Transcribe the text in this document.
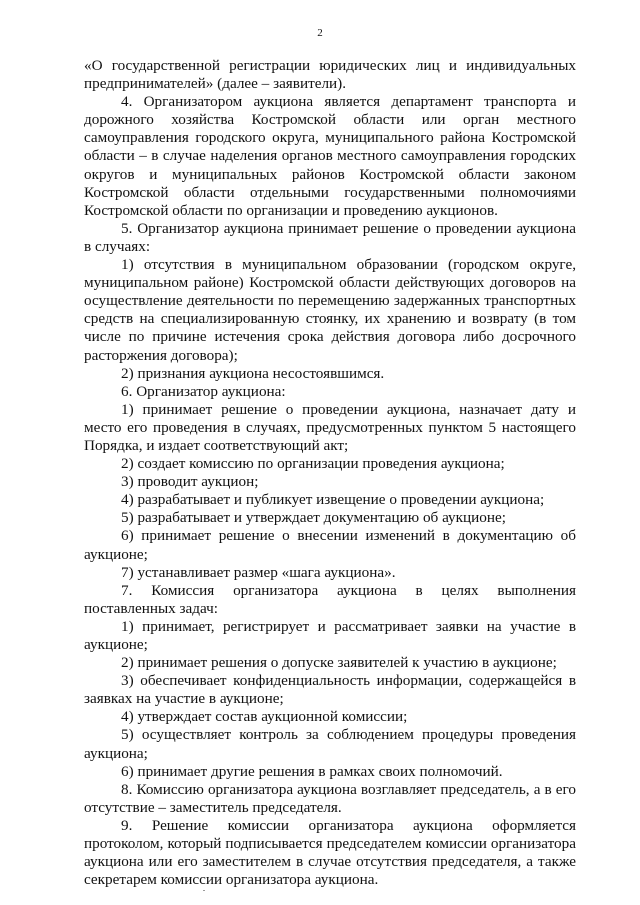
2

«О государственной регистрации юридических лиц и индивидуальных предпринимателей» (далее – заявители).

4. Организатором аукциона является департамент транспорта и дорожного хозяйства Костромской области или орган местного самоуправления городского округа, муниципального района Костромской области – в случае наделения органов местного самоуправления городских округов и муниципальных районов Костромской области законом Костромской области отдельными государственными полномочиями Костромской области по организации и проведению аукционов.

5. Организатор аукциона принимает решение о проведении аукциона в случаях:

1) отсутствия в муниципальном образовании (городском округе, муниципальном районе) Костромской области действующих договоров на осуществление деятельности по перемещению задержанных транспортных средств на специализированную стоянку, их хранению и возврату (в том числе по причине истечения срока действия договора либо досрочного расторжения договора);

2) признания аукциона несостоявшимся.

6. Организатор аукциона:

1) принимает решение о проведении аукциона, назначает дату и место его проведения в случаях, предусмотренных пунктом 5 настоящего Порядка, и издает соответствующий акт;

2) создает комиссию по организации проведения аукциона;

3) проводит аукцион;

4) разрабатывает и публикует извещение о проведении аукциона;

5) разрабатывает и утверждает документацию об аукционе;

6) принимает решение о внесении изменений в документацию об аукционе;

7) устанавливает размер «шага аукциона».

7. Комиссия организатора аукциона в целях выполнения поставленных задач:

1) принимает, регистрирует и рассматривает заявки на участие в аукционе;

2) принимает решения о допуске заявителей к участию в аукционе;

3) обеспечивает конфиденциальность информации, содержащейся в заявках на участие в аукционе;

4) утверждает состав аукционной комиссии;

5) осуществляет контроль за соблюдением процедуры проведения аукциона;

6) принимает другие решения в рамках своих полномочий.

8. Комиссию организатора аукциона возглавляет председатель, а в его отсутствие – заместитель председателя.

9. Решение комиссии организатора аукциона оформляется протоколом, который подписывается председателем комиссии организатора аукциона или его заместителем в случае отсутствия председателя, а также секретарем комиссии организатора аукциона.
